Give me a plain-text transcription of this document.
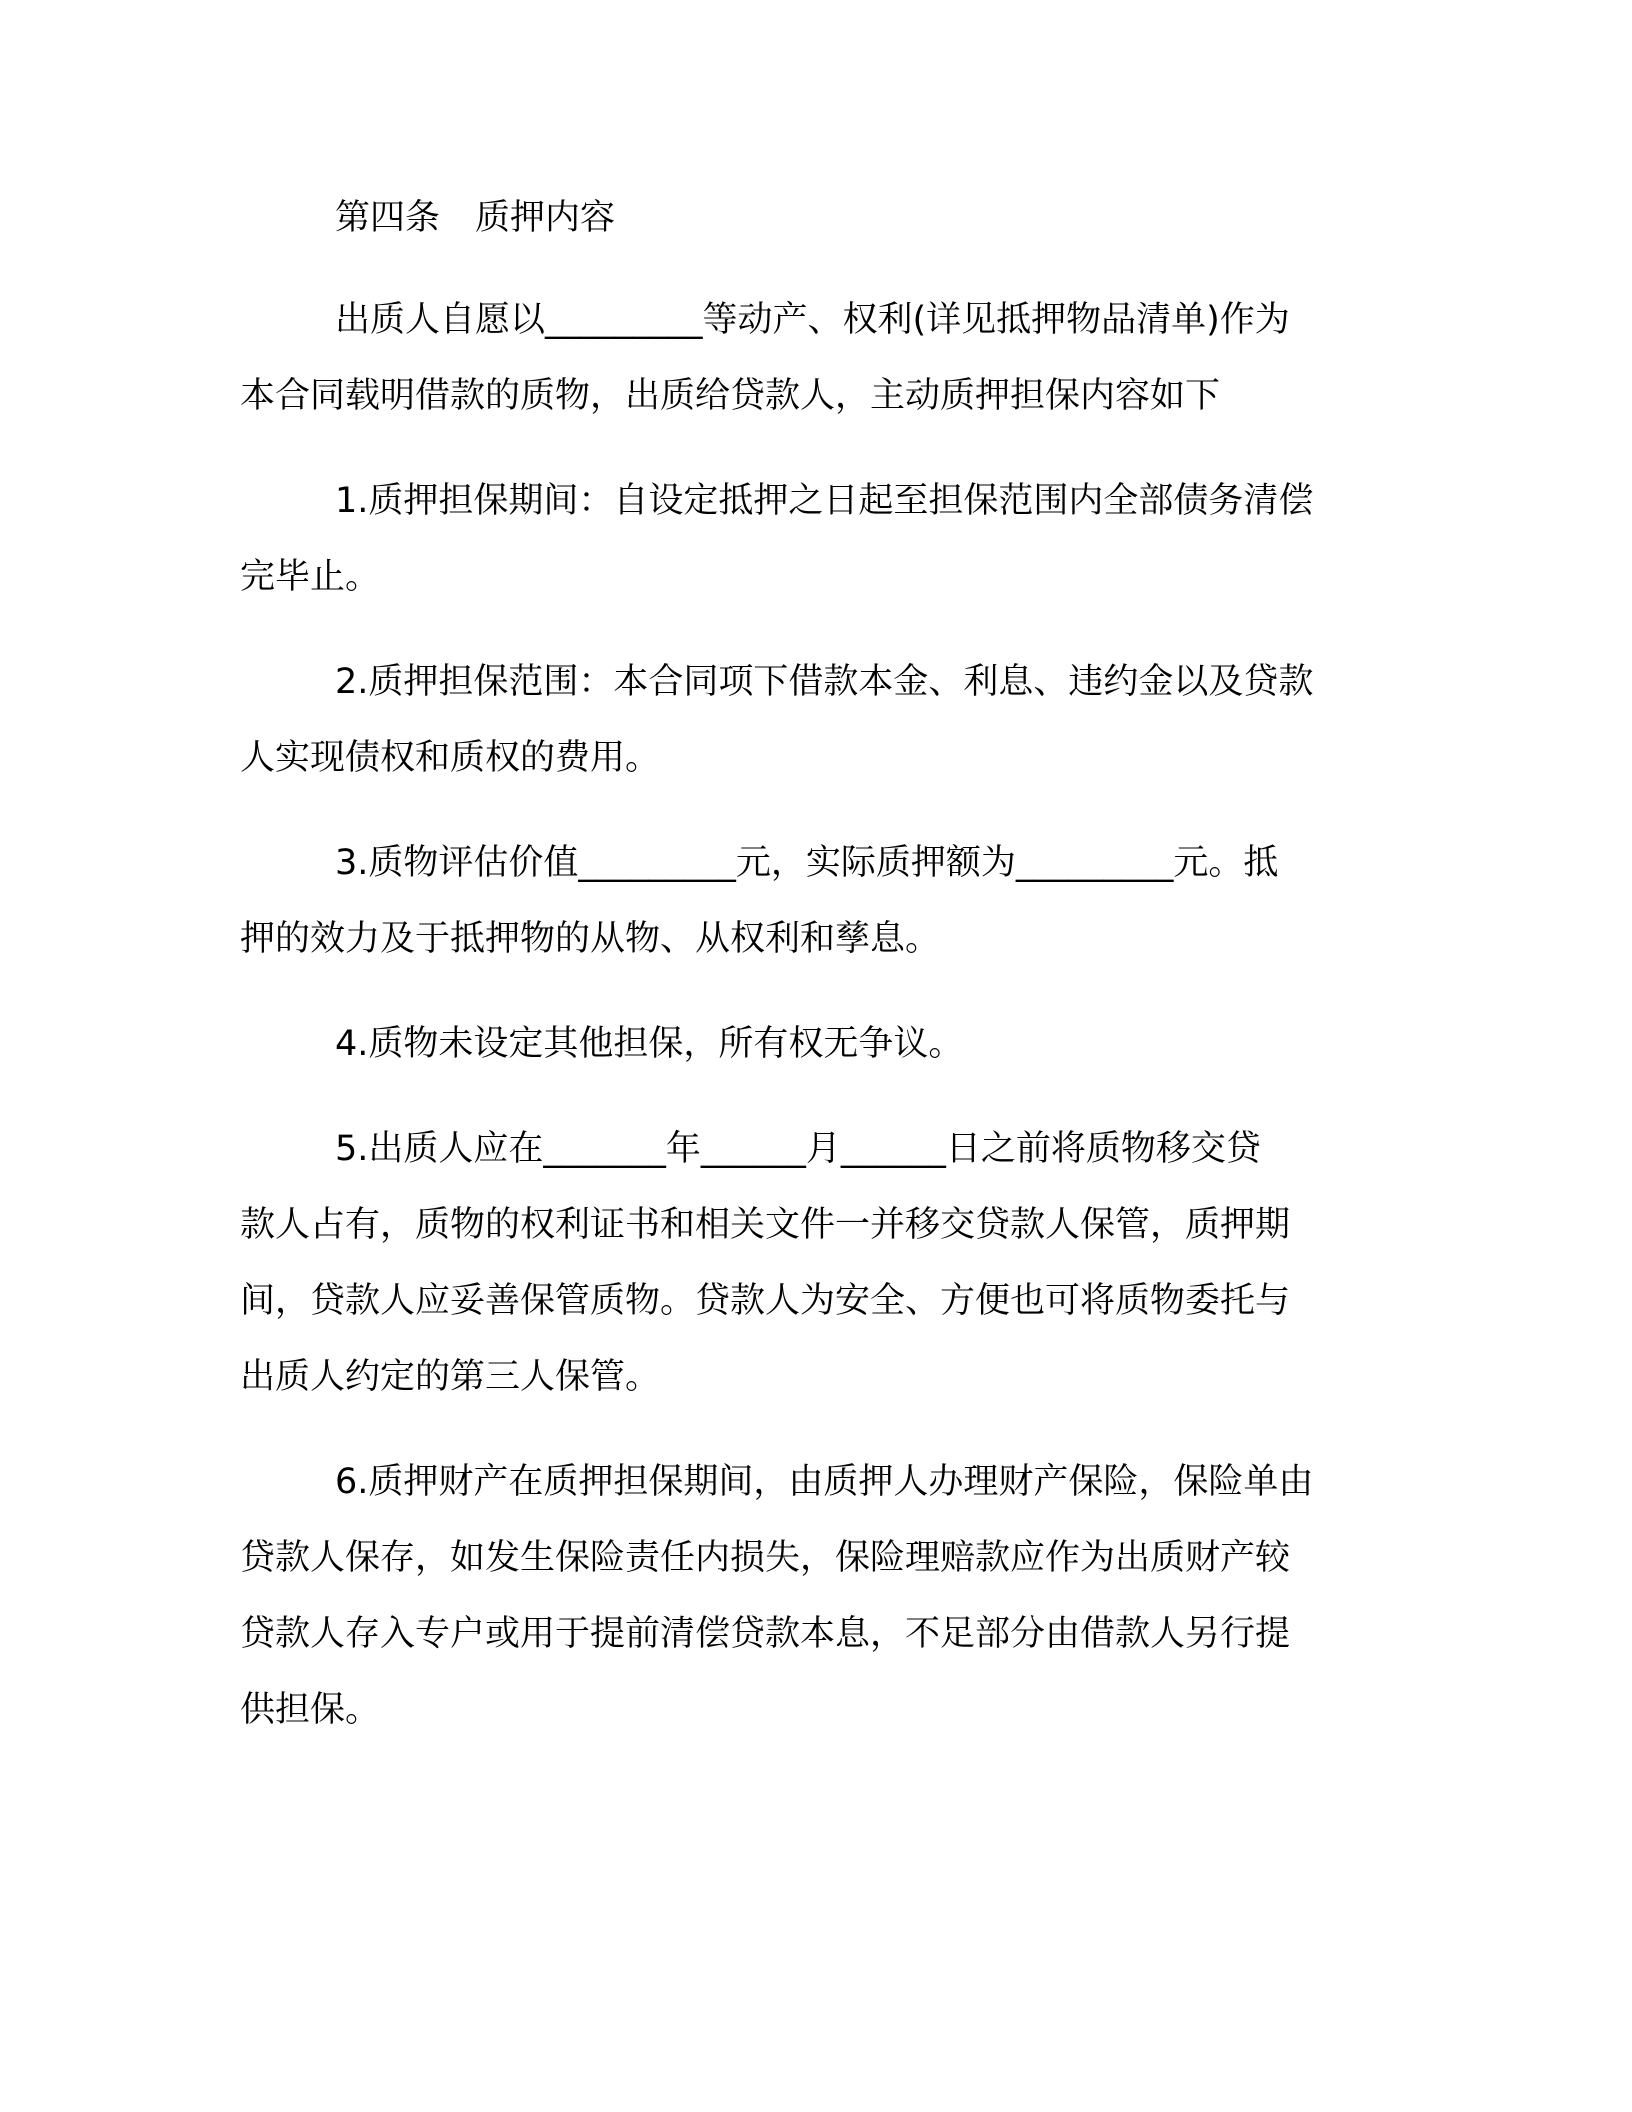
第四条　质押内容
出质人自愿以_________等动产、权利(详见抵押物品清单)作为
本合同载明借款的质物，出质给贷款人，主动质押担保内容如下
1.质押担保期间：自设定抵押之日起至担保范围内全部债务清偿
完毕止。
2.质押担保范围：本合同项下借款本金、利息、违约金以及贷款
人实现债权和质权的费用。
3.质物评估价值_________元，实际质押额为_________元。抵
押的效力及于抵押物的从物、从权利和孳息。
4.质物未设定其他担保，所有权无争议。
5.出质人应在_______年______月______日之前将质物移交贷
款人占有，质物的权利证书和相关文件一并移交贷款人保管，质押期
间，贷款人应妥善保管质物。贷款人为安全、方便也可将质物委托与
出质人约定的第三人保管。
6.质押财产在质押担保期间，由质押人办理财产保险，保险单由
贷款人保存，如发生保险责任内损失，保险理赔款应作为出质财产较
贷款人存入专户或用于提前清偿贷款本息，不足部分由借款人另行提
供担保。
